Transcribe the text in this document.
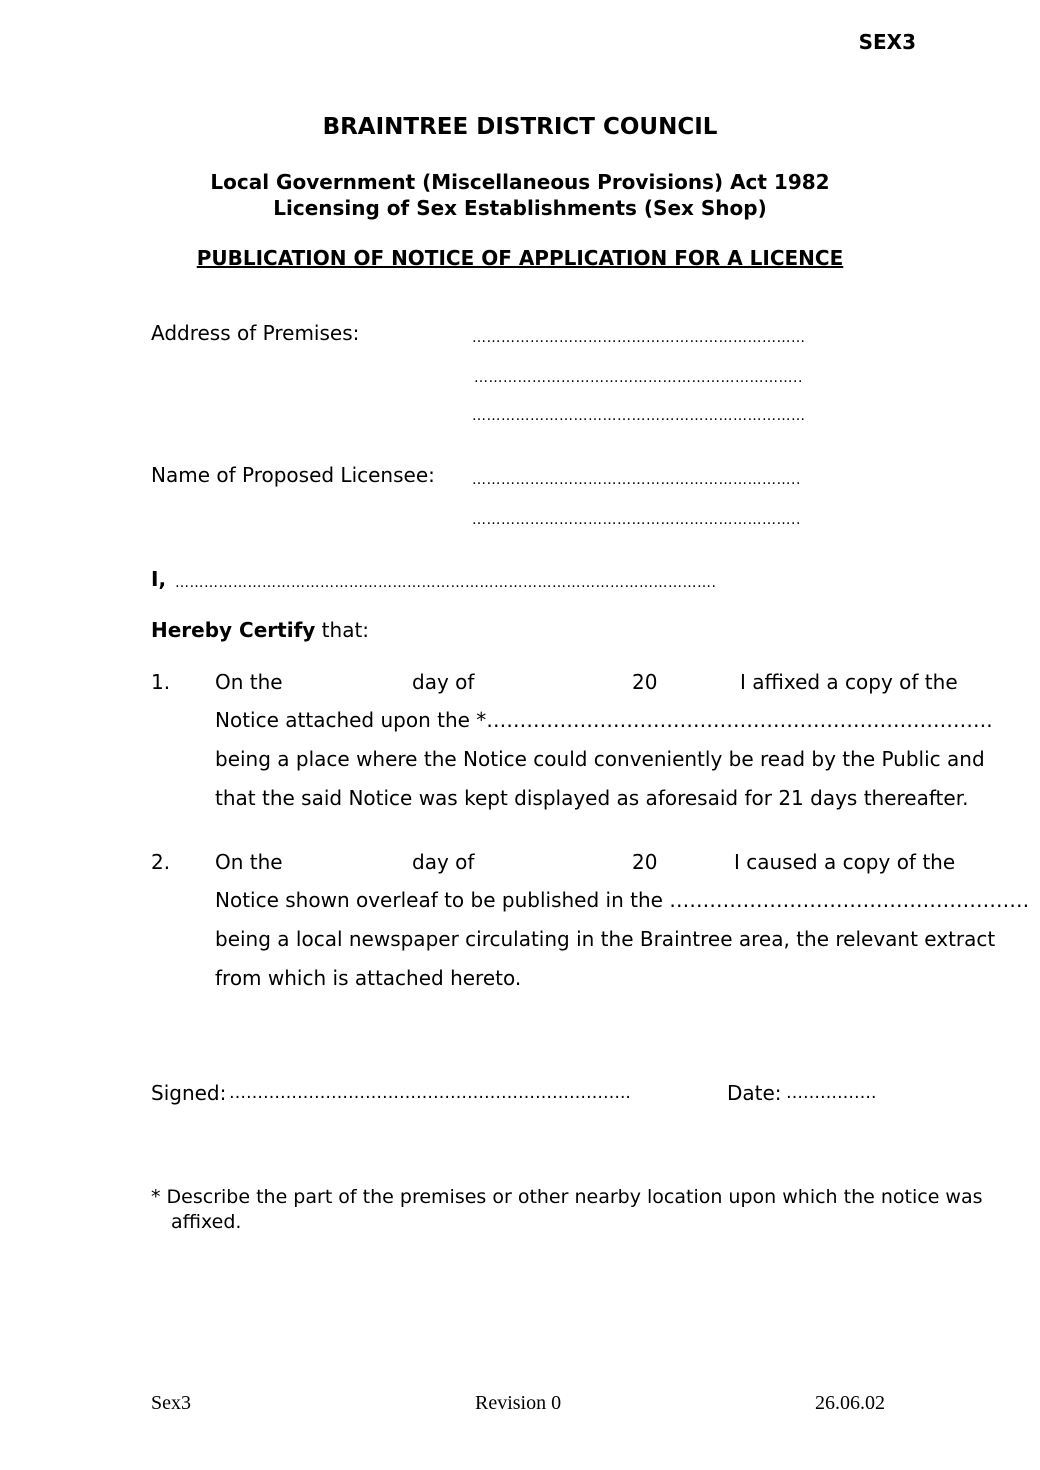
SEX3
BRAINTREE DISTRICT COUNCIL
Local Government (Miscellaneous Provisions) Act 1982
Licensing of Sex Establishments (Sex Shop)
PUBLICATION OF NOTICE OF APPLICATION FOR A LICENCE
Address of Premises:	……………………………………………………………
…………………………………………………………..
……………………………………………………………
Name of Proposed Licensee:	…………………………………………………………..
…………………………………………………………..
I, ………………………………………………………………………………………………….
Hereby Certify that:
1. On the	day of	20	I affixed a copy of the
Notice attached upon the *………………………………………………………………….
being a place where the Notice could conveniently be read by the Public and
that the said Notice was kept displayed as aforesaid for 21 days thereafter.
2. On the	day of	20	I caused a copy of the
Notice shown overleaf to be published in the ………………………………………………
being a local newspaper circulating in the Braintree area, the relevant extract
from which is attached hereto.
Signed: ……………………………………………………………..	Date: …………….
* Describe the part of the premises or other nearby location upon which the notice was
affixed.
Sex3	Revision 0	26.06.02
